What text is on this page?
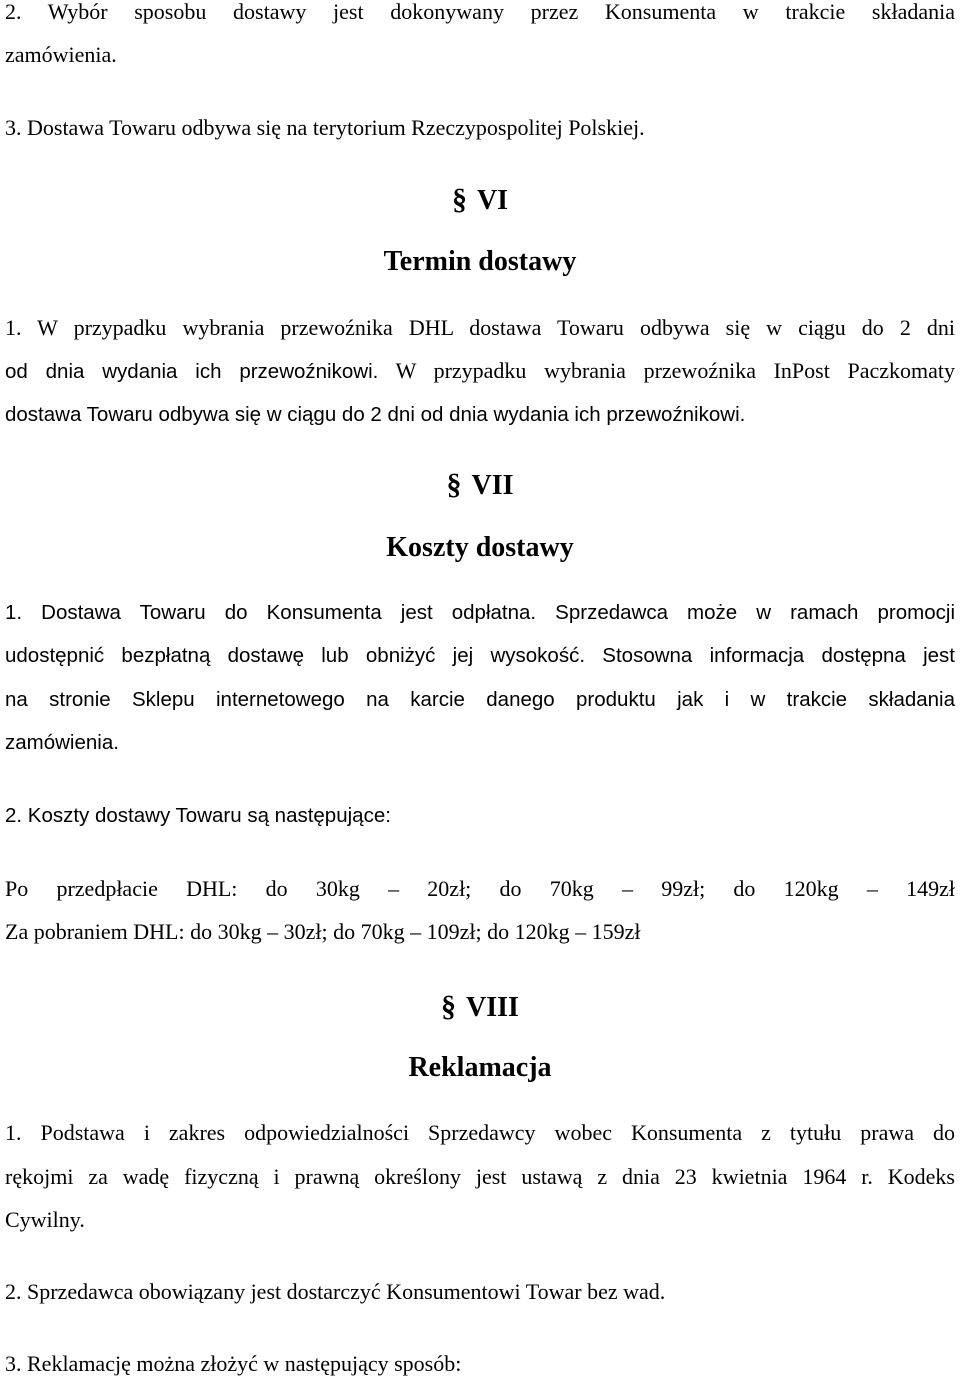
2. Wybór sposobu dostawy jest dokonywany przez Konsumenta w trakcie składania

zamówienia.

3. Dostawa Towaru odbywa się na terytorium Rzeczypospolitej Polskiej.

§ VI
Termin dostawy

1. W przypadku wybrania przewoźnika DHL dostawa Towaru odbywa się w ciągu do 2 dni

od dnia wydania ich przewoźnikowi. W przypadku wybrania przewoźnika InPost Paczkomaty

dostawa Towaru odbywa się w ciągu do 2 dni od dnia wydania ich przewoźnikowi.

§ VII
Koszty dostawy

1. Dostawa Towaru do Konsumenta jest odpłatna. Sprzedawca może w ramach promocji

udostępnić bezpłatną dostawę lub obniżyć jej wysokość. Stosowna informacja dostępna jest

na stronie Sklepu internetowego na karcie danego produktu jak i w trakcie składania

zamówienia.

2. Koszty dostawy Towaru są następujące:

Po przedpłacie DHL: do 30kg – 20zł; do 70kg – 99zł; do 120kg – 149zł

Za pobraniem DHL: do 30kg – 30zł; do 70kg – 109zł; do 120kg – 159zł

§ VIII
Reklamacja

1. Podstawa i zakres odpowiedzialności Sprzedawcy wobec Konsumenta z tytułu prawa do

rękojmi za wadę fizyczną i prawną określony jest ustawą z dnia 23 kwietnia 1964 r. Kodeks

Cywilny.

2. Sprzedawca obowiązany jest dostarczyć Konsumentowi Towar bez wad.

3. Reklamację można złożyć w następujący sposób:
